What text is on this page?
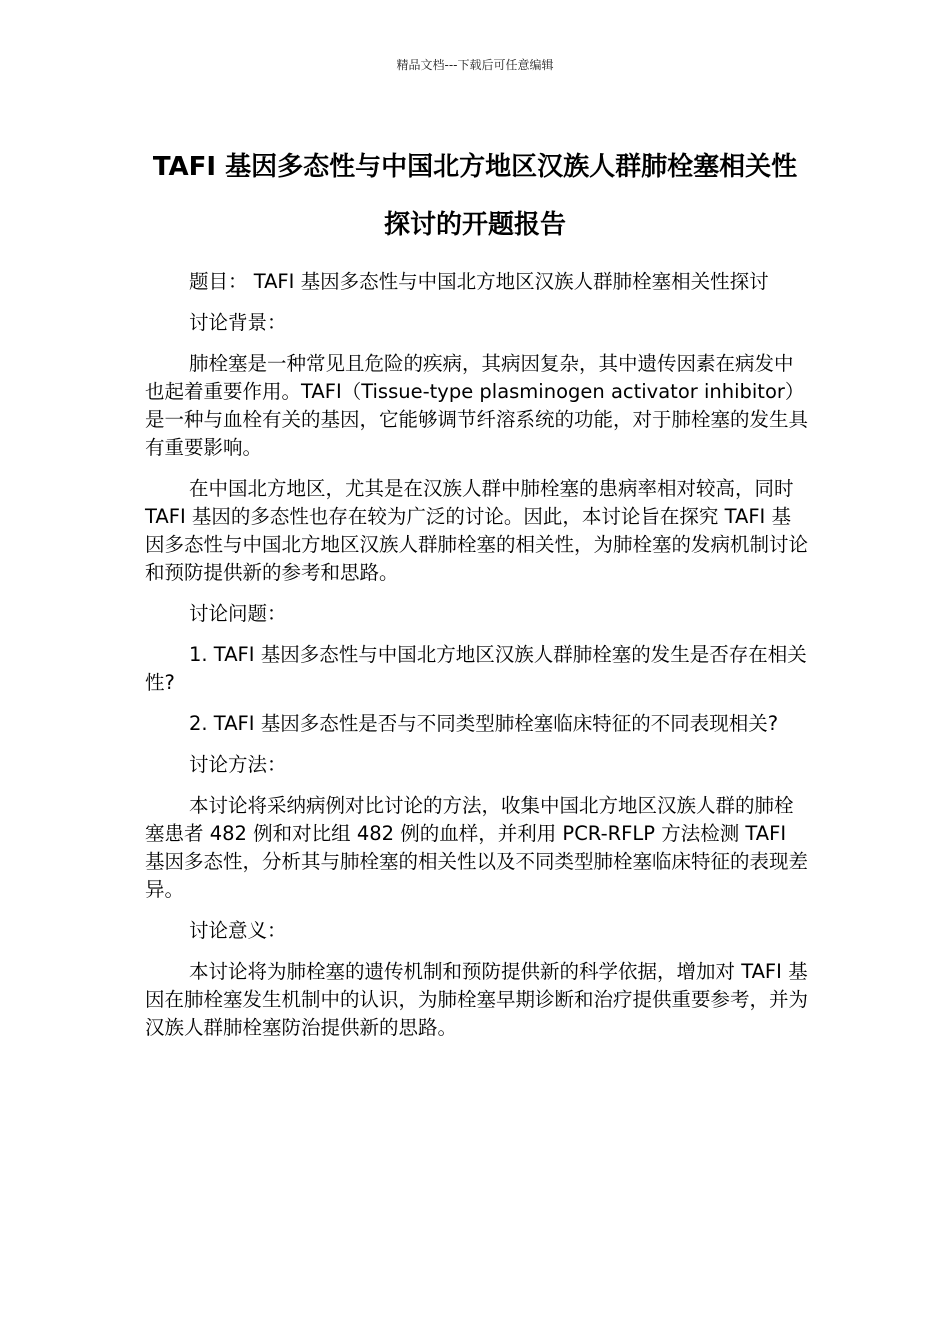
精品文档---下载后可任意编辑
TAFI 基因多态性与中国北方地区汉族人群肺栓塞相关性探讨的开题报告

题目： TAFI 基因多态性与中国北方地区汉族人群肺栓塞相关性探讨

讨论背景：

肺栓塞是一种常见且危险的疾病，其病因复杂，其中遗传因素在病发中也起着重要作用。TAFI（Tissue-type plasminogen activator inhibitor）是一种与血栓有关的基因，它能够调节纤溶系统的功能，对于肺栓塞的发生具有重要影响。

在中国北方地区，尤其是在汉族人群中肺栓塞的患病率相对较高，同时 TAFI 基因的多态性也存在较为广泛的讨论。因此，本讨论旨在探究 TAFI 基因多态性与中国北方地区汉族人群肺栓塞的相关性，为肺栓塞的发病机制讨论和预防提供新的参考和思路。

讨论问题：

1. TAFI 基因多态性与中国北方地区汉族人群肺栓塞的发生是否存在相关性?

2. TAFI 基因多态性是否与不同类型肺栓塞临床特征的不同表现相关?

讨论方法：

本讨论将采纳病例对比讨论的方法，收集中国北方地区汉族人群的肺栓塞患者 482 例和对比组 482 例的血样，并利用 PCR-RFLP 方法检测 TAFI 基因多态性，分析其与肺栓塞的相关性以及不同类型肺栓塞临床特征的表现差异。

讨论意义：

本讨论将为肺栓塞的遗传机制和预防提供新的科学依据，增加对 TAFI 基因在肺栓塞发生机制中的认识，为肺栓塞早期诊断和治疗提供重要参考，并为汉族人群肺栓塞防治提供新的思路。
